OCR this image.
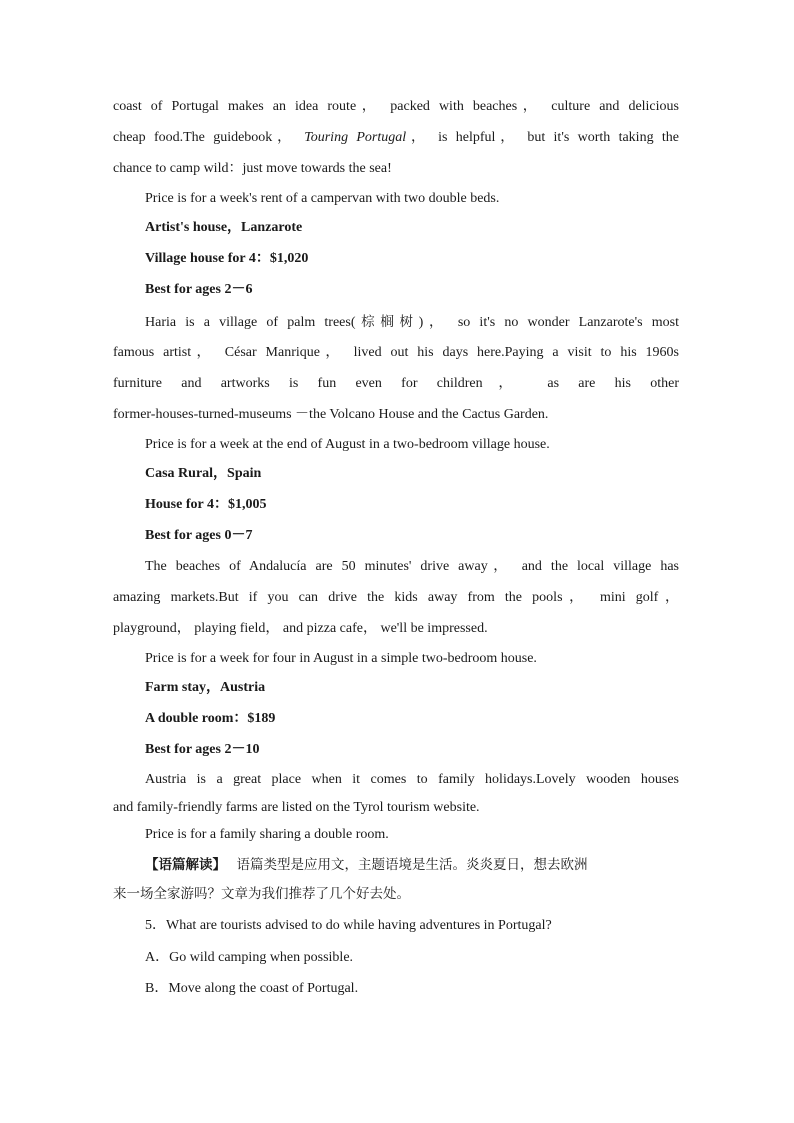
coast of Portugal makes an idea route， packed with beaches， culture and delicious
cheap food.The guidebook， Touring Portugal， is helpful， but it's worth taking the
chance to camp wild：just move towards the sea!
Price is for a week's rent of a campervan with two double beds.
Artist's house，Lanzarote
Village house for 4：$1,020
Best for ages 2－6
Haria is a village of palm trees(棕榈树)， so it's no wonder Lanzarote's most
famous artist， César Manrique， lived out his days here.Paying a visit to his 1960s
furniture and artworks is fun even for children， as are his other
former-houses-turned-museums －the Volcano House and the Cactus Garden.
Price is for a week at the end of August in a two-bedroom village house.
Casa Rural，Spain
House for 4：$1,005
Best for ages 0－7
The beaches of Andalucía are 50 minutes' drive away， and the local village has
amazing markets.But if you can drive the kids away from the pools， mini golf，
playground， playing field， and pizza cafe， we'll be impressed.
Price is for a week for four in August in a simple two-bedroom house.
Farm stay，Austria
A double room：$189
Best for ages 2－10
Austria is a great place when it comes to family holidays.Lovely wooden houses
and family-friendly farms are listed on the Tyrol tourism website.
Price is for a family sharing a double room.
【语篇解读】 语篇类型是应用文，主题语境是生活。炎炎夏日，想去欧洲
来一场全家游吗？文章为我们推荐了几个好去处。
5．What are tourists advised to do while having adventures in Portugal?
A．Go wild camping when possible.
B．Move along the coast of Portugal.
